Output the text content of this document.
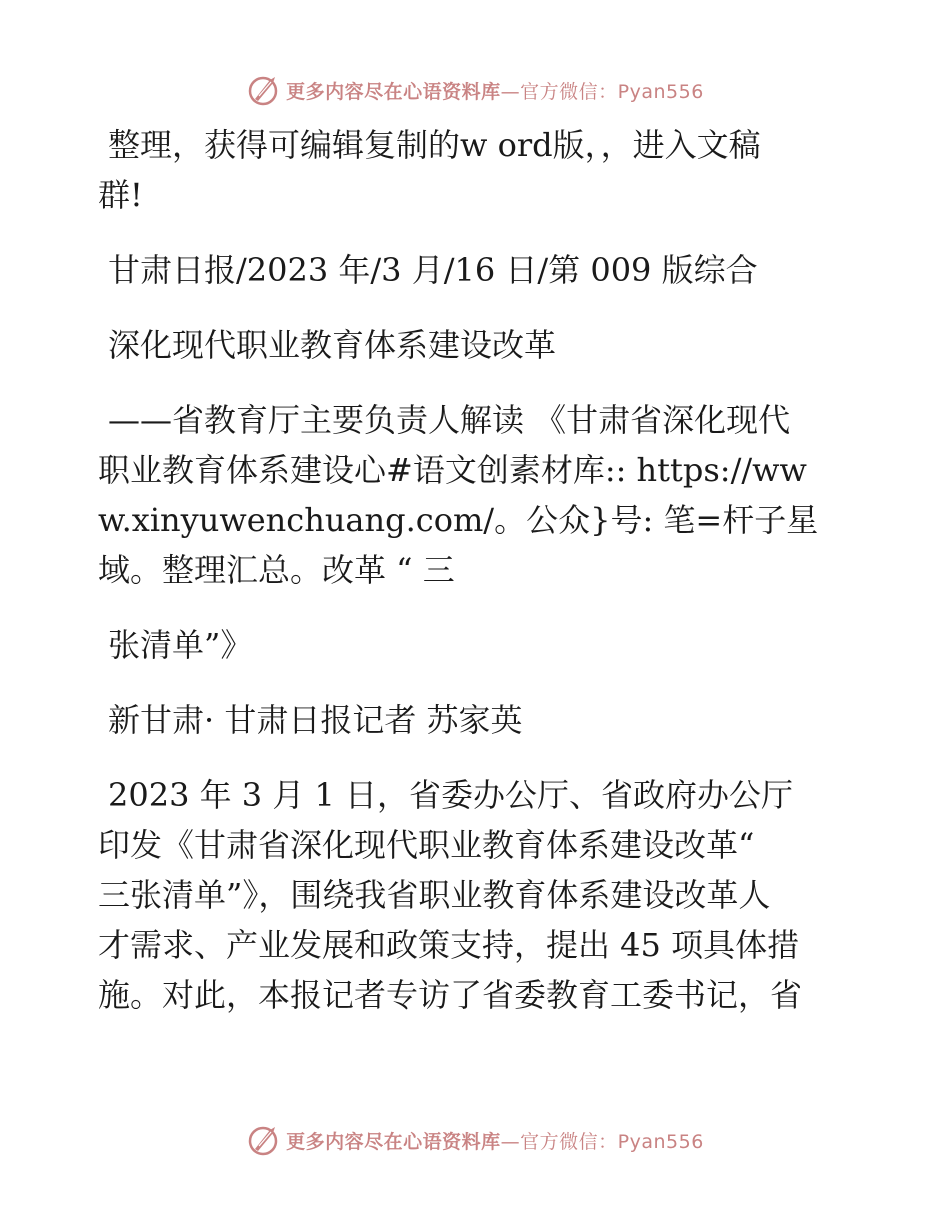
更多内容尽在心语资料库—官方微信：Pyan556
整理，获得可编辑复制的w ord版，，进入文稿
群!
甘肃日报/2023 年/3 月/16 日/第 009 版综合
深化现代职业教育体系建设改革
——省教育厅主要负责人解读 《甘肃省深化现代
职业教育体系建设心#语文创素材库:: https://ww
w.xinyuwenchuang.com/。公众}号: 笔=杆子星
域。整理汇总。改革 “ 三
张清单”》
新甘肃· 甘肃日报记者 苏家英
2023 年 3 月 1 日，省委办公厅、省政府办公厅
印发《甘肃省深化现代职业教育体系建设改革“
三张清单”》，围绕我省职业教育体系建设改革人
才需求、产业发展和政策支持，提出 45 项具体措
施。对此，本报记者专访了省委教育工委书记，省
更多内容尽在心语资料库—官方微信：Pyan556
